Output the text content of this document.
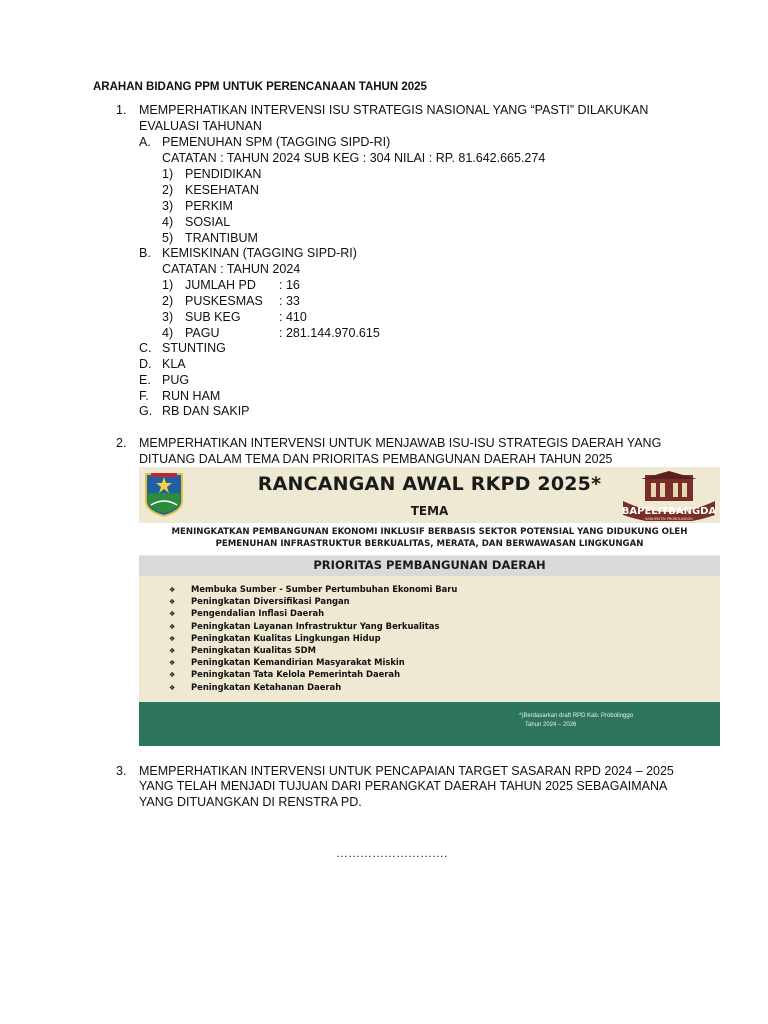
ARAHAN BIDANG PPM UNTUK PERENCANAAN TAHUN 2025
1. MEMPERHATIKAN INTERVENSI ISU STRATEGIS NASIONAL YANG “PASTI” DILAKUKAN
EVALUASI TAHUNAN
A. PEMENUHAN SPM (TAGGING SIPD-RI)
CATATAN : TAHUN 2024 SUB KEG : 304 NILAI : RP. 81.642.665.274
1) PENDIDIKAN
2) KESEHATAN
3) PERKIM
4) SOSIAL
5) TRANTIBUM
B. KEMISKINAN (TAGGING SIPD-RI)
CATATAN : TAHUN 2024
1) JUMLAH PD : 16
2) PUSKESMAS : 33
3) SUB KEG	: 410
4) PAGU	: 281.144.970.615
C. STUNTING
D. KLA
E. PUG
F. RUN HAM
G. RB DAN SAKIP
2. MEMPERHATIKAN INTERVENSI UNTUK MENJAWAB ISU-ISU STRATEGIS DAERAH YANG
DITUANG DALAM TEMA DAN PRIORITAS PEMBANGUNAN DAERAH TAHUN 2025
RANCANGAN AWAL RKPD 2025*
BAPELITBANGDA
KABUPATEN PROBOLINGGO
TEMA
MENINGKATKAN PEMBANGUNAN EKONOMI INKLUSIF BERBASIS SEKTOR POTENSIAL YANG DIDUKUNG OLEH
PEMENUHAN INFRASTRUKTUR BERKUALITAS, MERATA, DAN BERWAWASAN LINGKUNGAN
PRIORITAS PEMBANGUNAN DAERAH
❖ Membuka Sumber - Sumber Pertumbuhan Ekonomi Baru
❖ Peningkatan Diversifikasi Pangan
❖ Pengendalian Inflasi Daerah
❖ Peningkatan Layanan Infrastruktur Yang Berkualitas
❖ Peningkatan Kualitas Lingkungan Hidup
❖ Peningkatan Kualitas SDM
❖ Peningkatan Kemandirian Masyarakat Miskin
❖ Peningkatan Tata Kelola Pemerintah Daerah
❖ Peningkatan Ketahanan Daerah
*)Berdasarkan draft RPD Kab. Probolinggo
Tahun 2024 – 2026
3. MEMPERHATIKAN INTERVENSI UNTUK PENCAPAIAN TARGET SASARAN RPD 2024 – 2025
YANG TELAH MENJADI TUJUAN DARI PERANGKAT DAERAH TAHUN 2025 SEBAGAIMANA
YANG DITUANGKAN DI RENSTRA PD.
……………………….
